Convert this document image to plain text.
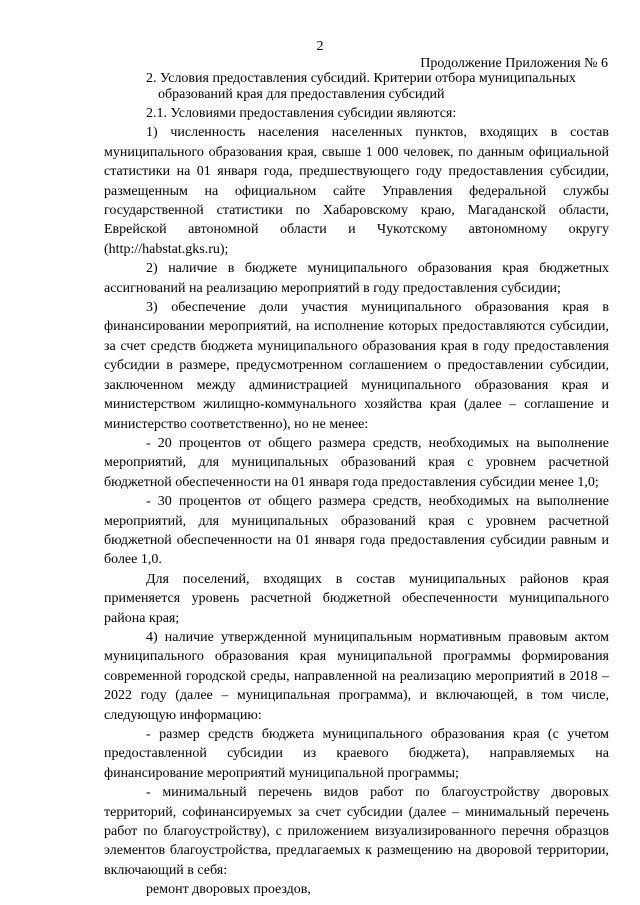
2
Продолжение Приложения № 6
2. Условия предоставления субсидий. Критерии отбора муниципальных
образований края для предоставления субсидий

2.1. Условиями предоставления субсидии являются:

1) численность населения населенных пунктов, входящих в состав муниципального образования края, свыше 1 000 человек, по данным официальной статистики на 01 января года, предшествующего году предоставления субсидии, размещенным на официальном сайте Управления федеральной службы государственной статистики по Хабаровскому краю, Магаданской области, Еврейской автономной области и Чукотскому автономному округу (http://habstat.gks.ru);

2) наличие в бюджете муниципального образования края бюджетных ассигнований на реализацию мероприятий в году предоставления субсидии;

3) обеспечение доли участия муниципального образования края в финансировании мероприятий, на исполнение которых предоставляются субсидии, за счет средств бюджета муниципального образования края в году предоставления субсидии в размере, предусмотренном соглашением о предоставлении субсидии, заключенном между администрацией муниципального образования края и министерством жилищно-коммунального хозяйства края (далее – соглашение и министерство соответственно), но не менее:

- 20 процентов от общего размера средств, необходимых на выполнение мероприятий, для муниципальных образований края с уровнем расчетной бюджетной обеспеченности на 01 января года предоставления субсидии менее 1,0;

- 30 процентов от общего размера средств, необходимых на выполнение мероприятий, для муниципальных образований края с уровнем расчетной бюджетной обеспеченности на 01 января года предоставления субсидии равным и более 1,0.

Для поселений, входящих в состав муниципальных районов края применяется уровень расчетной бюджетной обеспеченности муниципального района края;

4) наличие утвержденной муниципальным нормативным правовым актом муниципального образования края муниципальной программы формирования современной городской среды, направленной на реализацию мероприятий в 2018 – 2022 году (далее – муниципальная программа), и включающей, в том числе, следующую информацию:

- размер средств бюджета муниципального образования края (с учетом предоставленной субсидии из краевого бюджета), направляемых на финансирование мероприятий муниципальной программы;

- минимальный перечень видов работ по благоустройству дворовых территорий, софинансируемых за счет субсидии (далее – минимальный перечень работ по благоустройству), с приложением визуализированного перечня образцов элементов благоустройства, предлагаемых к размещению на дворовой территории, включающий в себя:

ремонт дворовых проездов,
